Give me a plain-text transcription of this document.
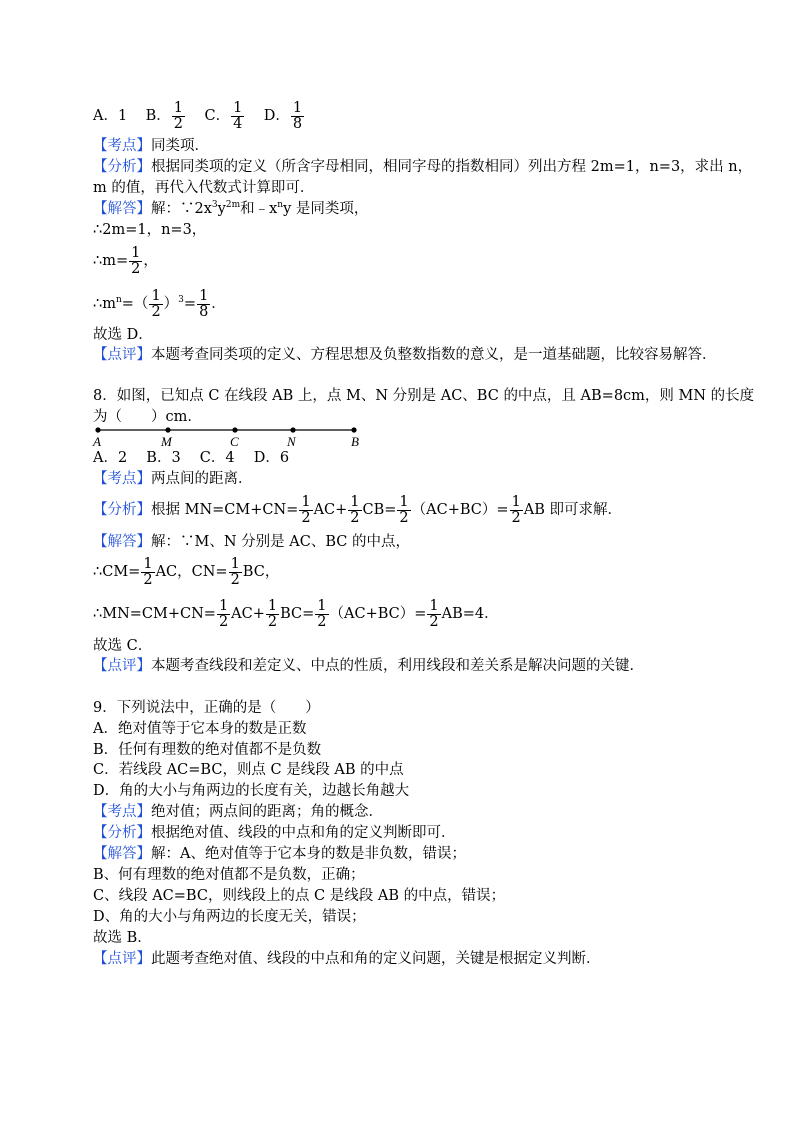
A．1 B． $\frac{1}{2}$ C． $\frac{1}{4}$ D． $\frac{1}{8}$
【考点】同类项．
【分析】根据同类项的定义（所含字母相同，相同字母的指数相同）列出方程 2m=1，n=3，求出 n，
m 的值，再代入代数式计算即可．
【解答】解：$\because 2x^3y^{2m}$和$﹣x^ny$ 是同类项，
∴2m=1，n=3，
∴m= $\frac{1}{2}$ ，
$\therefore m^n=( \frac{1}{2} )^3= \frac{1}{8}$ ．
故选 D．
【点评】本题考查同类项的定义、方程思想及负整数指数的意义，是一道基础题，比较容易解答．
8．如图，已知点 C 在线段 AB 上，点 M、N 分别是 AC、BC 的中点，且 AB=8cm，则 MN 的长度
为（　　）cm．
A	M	C	N	B
A．2　 B．3　 C．4　 D．6
【考点】两点间的距离．
【分析】根据 $MN=CM+CN= \frac{1}{2} AC+ \frac{1}{2} CB= \frac{1}{2} (AC+BC)= \frac{1}{2}$ AB 即可求解．
【解答】解：∵M、N 分别是 AC、BC 的中点，
∴CM= $\frac{1}{2}$ AC，$CN= \frac{1}{2}$ BC，
∴MN=CM+CN= $\frac{1}{2} AC+ \frac{1}{2} BC= \frac{1}{2} (AC+BC)= \frac{1}{2} AB=4$．
故选 C．
【点评】本题考查线段和差定义、中点的性质，利用线段和差关系是解决问题的关键．
9．下列说法中，正确的是（　　）
A．绝对值等于它本身的数是正数
B．任何有理数的绝对值都不是负数
C．若线段 AC=BC，则点 C 是线段 AB 的中点
D．角的大小与角两边的长度有关，边越长角越大
【考点】绝对值；两点间的距离；角的概念．
【分析】根据绝对值、线段的中点和角的定义判断即可．
【解答】解：A、绝对值等于它本身的数是非负数，错误；
B、何有理数的绝对值都不是负数，正确；
C、线段 AC=BC，则线段上的点 C 是线段 AB 的中点，错误；
D、角的大小与角两边的长度无关，错误；
故选 B．
【点评】此题考查绝对值、线段的中点和角的定义问题，关键是根据定义判断．
